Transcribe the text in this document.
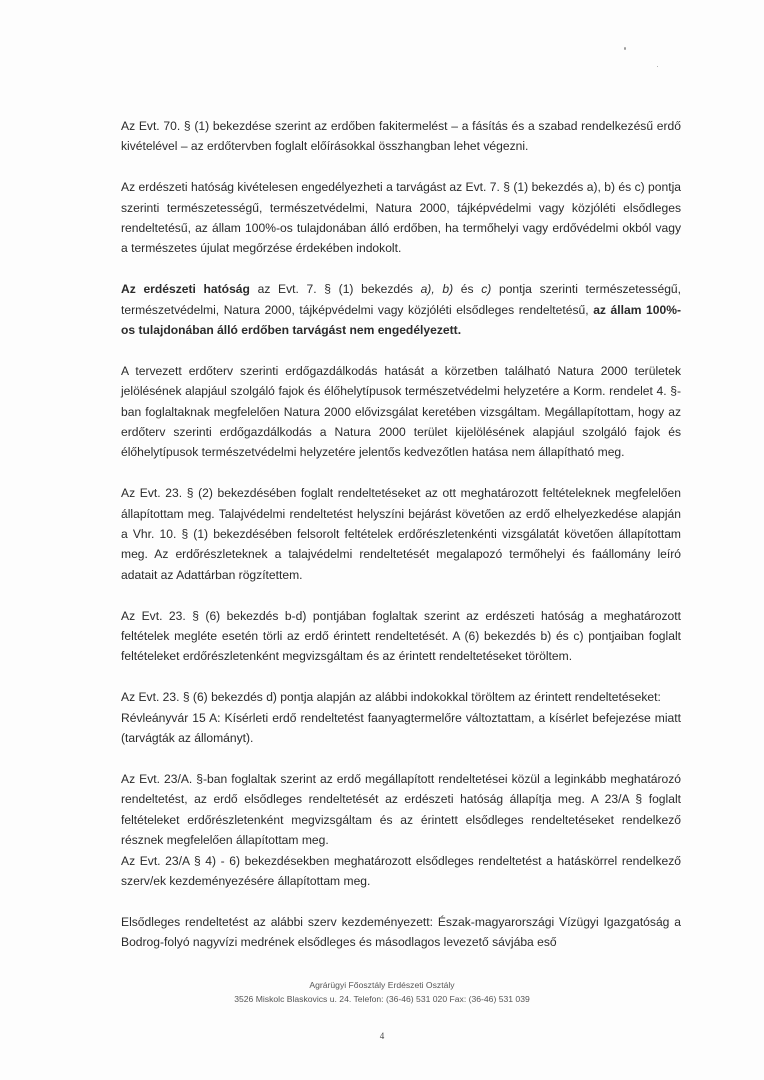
Az Evt. 70. § (1) bekezdése szerint az erdőben fakitermelést – a fásítás és a szabad rendelkezésű erdő kivételével – az erdőtervben foglalt előírásokkal összhangban lehet végezni.

Az erdészeti hatóság kivételesen engedélyezheti a tarvágást az Evt. 7. § (1) bekezdés a), b) és c) pontja szerinti természetességű, természetvédelmi, Natura 2000, tájképvédelmi vagy közjóléti elsődleges rendeltetésű, az állam 100%-os tulajdonában álló erdőben, ha termőhelyi vagy erdővédelmi okból vagy a természetes újulat megőrzése érdekében indokolt.

Az erdészeti hatóság az Evt. 7. § (1) bekezdés a), b) és c) pontja szerinti természetességű, természetvédelmi, Natura 2000, tájképvédelmi vagy közjóléti elsődleges rendeltetésű, az állam 100%-os tulajdonában álló erdőben tarvágást nem engedélyezett.

A tervezett erdőterv szerinti erdőgazdálkodás hatását a körzetben található Natura 2000 területek jelölésének alapjául szolgáló fajok és élőhelytípusok természetvédelmi helyzetére a Korm. rendelet 4. §-ban foglaltaknak megfelelően Natura 2000 elővizsgálat keretében vizsgáltam. Megállapítottam, hogy az erdőterv szerinti erdőgazdálkodás a Natura 2000 terület kijelölésének alapjául szolgáló fajok és élőhelytípusok természetvédelmi helyzetére jelentős kedvezőtlen hatása nem állapítható meg.

Az Evt. 23. § (2) bekezdésében foglalt rendeltetéseket az ott meghatározott feltételeknek megfelelően állapítottam meg. Talajvédelmi rendeltetést helyszíni bejárást követően az erdő elhelyezkedése alapján a Vhr. 10. § (1) bekezdésében felsorolt feltételek erdőrészletenkénti vizsgálatát követően állapítottam meg. Az erdőrészleteknek a talajvédelmi rendeltetését megalapozó termőhelyi és faállomány leíró adatait az Adattárban rögzítettem.

Az Evt. 23. § (6) bekezdés b-d) pontjában foglaltak szerint az erdészeti hatóság a meghatározott feltételek megléte esetén törli az erdő érintett rendeltetését. A (6) bekezdés b) és c) pontjaiban foglalt feltételeket erdőrészletenként megvizsgáltam és az érintett rendeltetéseket töröltem.

Az Evt. 23. § (6) bekezdés d) pontja alapján az alábbi indokokkal töröltem az érintett rendeltetéseket:

Révleányvár 15 A: Kísérleti erdő rendeltetést faanyagtermelőre változtattam, a kísérlet befejezése miatt (tarvágták az állományt).

Az Evt. 23/A. §-ban foglaltak szerint az erdő megállapított rendeltetései közül a leginkább meghatározó rendeltetést, az erdő elsődleges rendeltetését az erdészeti hatóság állapítja meg. A 23/A § foglalt feltételeket erdőrészletenként megvizsgáltam és az érintett elsődleges rendeltetéseket rendelkező résznek megfelelően állapítottam meg.

Az Evt. 23/A § 4) - 6) bekezdésekben meghatározott elsődleges rendeltetést a hatáskörrel rendelkező szerv/ek kezdeményezésére állapítottam meg.

Elsődleges rendeltetést az alábbi szerv kezdeményezett: Észak-magyarországi Vízügyi Igazgatóság a Bodrog-folyó nagyvízi medrének elsődleges és másodlagos levezető sávjába eső

Agrárügyi Főosztály Erdészeti Osztály
3526 Miskolc Blaskovics u. 24. Telefon: (36-46) 531 020 Fax: (36-46) 531 039
4
